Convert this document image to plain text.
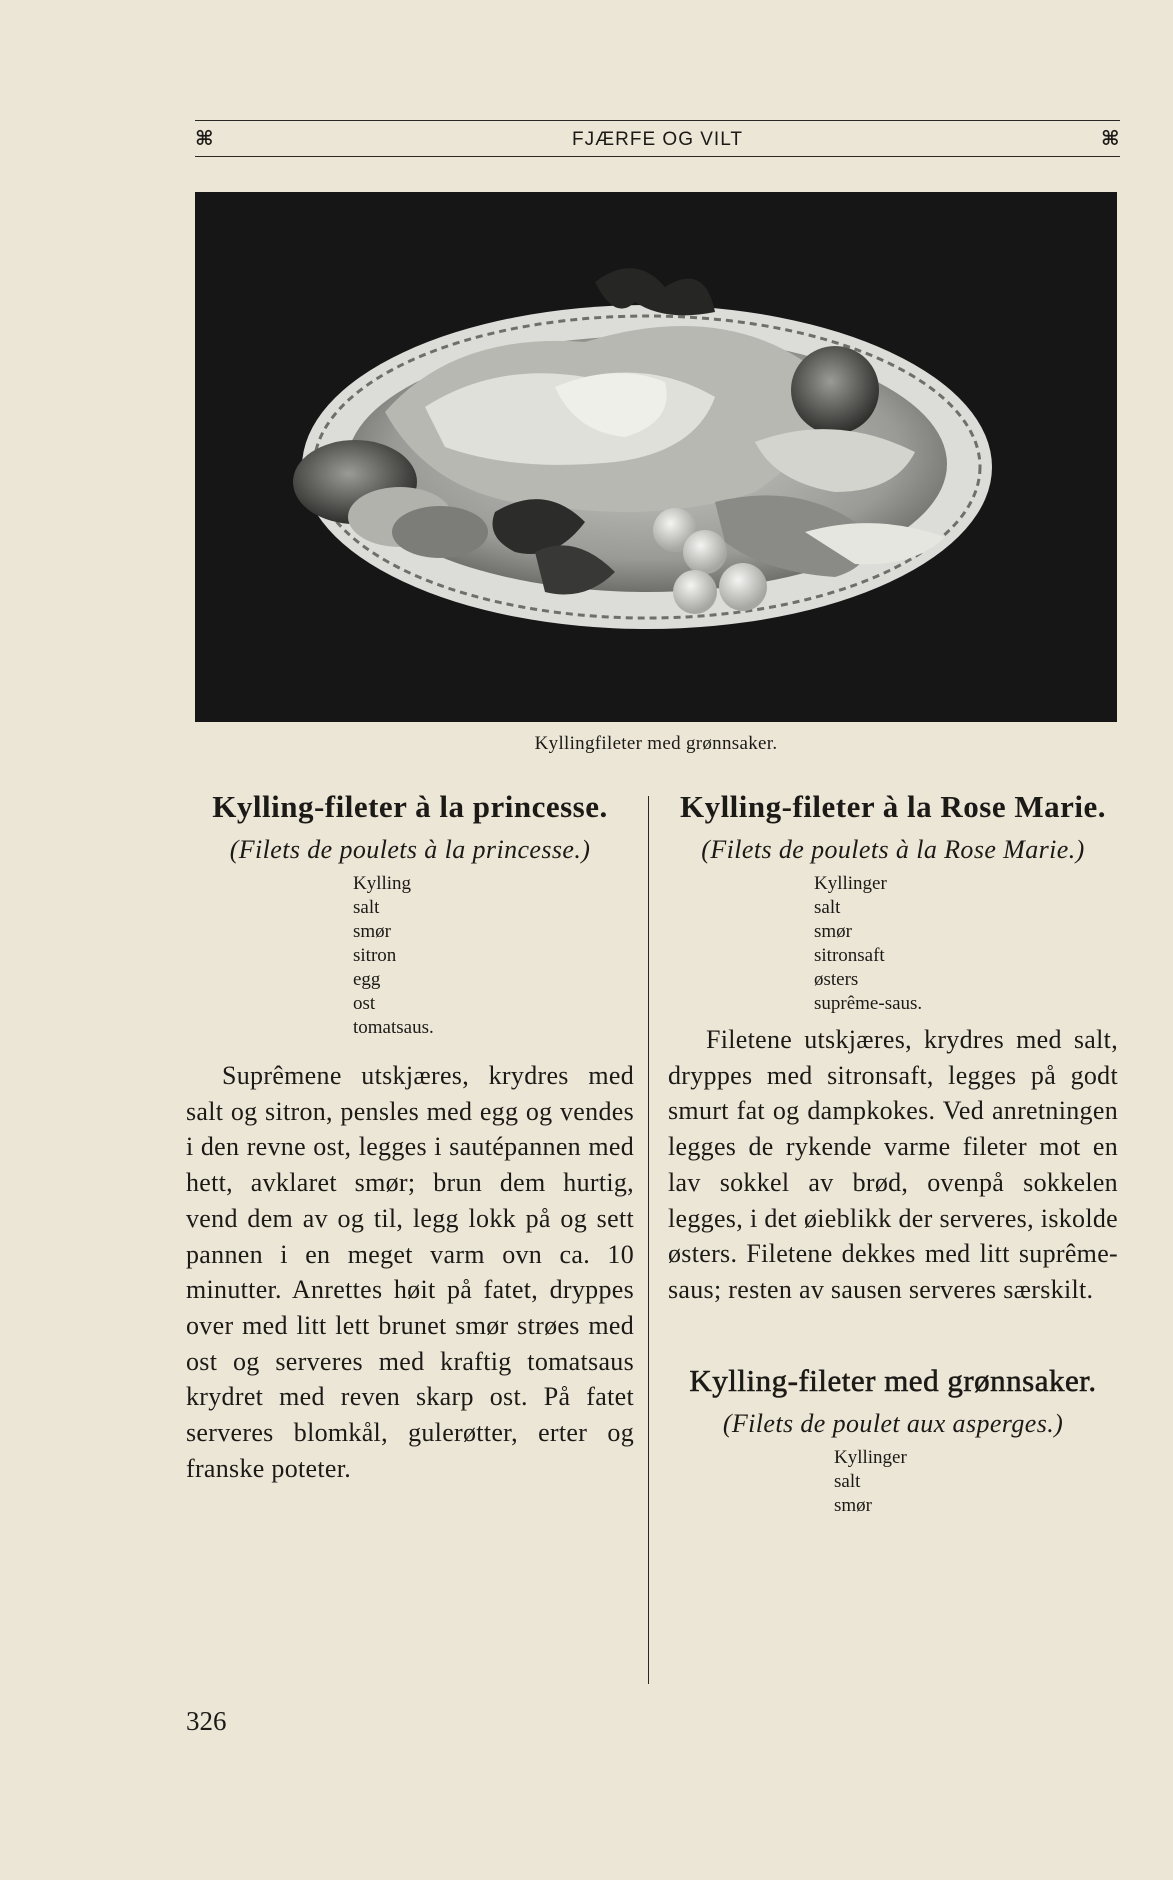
⌘	FJÆRFE OG VILT	⌘
Kyllingfileter med grønnsaker.
Kylling-fileter à la princesse.

(Filets de poulets à la princesse.)

Kylling
salt
smør
sitron
egg
ost
tomatsaus.

Suprêmene utskjæres, krydres med salt og sitron, pensles med egg og vendes i den revne ost, legges i sautépannen med hett, avklaret smør; brun dem hurtig, vend dem av og til, legg lokk på og sett pannen i en meget varm ovn ca. 10 minutter. Anrettes høit på fatet, dryppes over med litt lett brunet smør strøes med ost og serveres med kraftig tomatsaus krydret med reven skarp ost. På fatet serveres blomkål, gulerøtter, erter og franske poteter.

Kylling-fileter à la Rose Marie.

(Filets de poulets à la Rose Marie.)

Kyllinger
salt
smør
sitronsaft
østers
suprême-saus.

Filetene utskjæres, krydres med salt, dryppes med sitronsaft, legges på godt smurt fat og dampkokes. Ved anretningen legges de rykende varme fileter mot en lav sokkel av brød, ovenpå sokkelen legges, i det øieblikk der serveres, iskolde østers. Filetene dekkes med litt suprême-saus; resten av sausen serveres særskilt.

Kylling-fileter med grønnsaker.

(Filets de poulet aux asperges.)

Kyllinger
salt
smør
326
